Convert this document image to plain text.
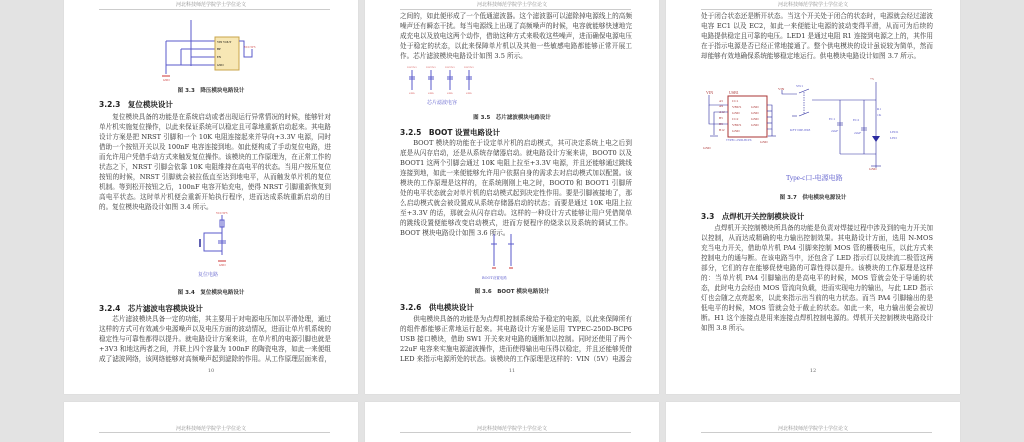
河北科技师范学院学士学位论文
VIN VOUT
BP
EN
GND
VCC3V3
GND
图 3.3　降压模块电路设计
3.2.3　复位模块设计

复位模块具备的功能是在系统启动或者出现运行异常情况的时候，能够针对单片机实施复位操作，以此来保证系统可以稳定且可靠地重新启动起来。其电路设计方案是把 NRST 引脚和一个 10K 电阻连接起来并导向+3.3V 电源，同时借助一个按钮开关以及 100nF 电容连接到地。如此便构成了手动复位电路，进而允许用户凭借手动方式来触发复位操作。该模块的工作原理为，在正常工作的状态之下，NRST 引脚会依靠 10K 电阻维持在高电平的状态。当用户按压复位按钮的时候，NRST 引脚就会被拉低直至达到地电平，从而触发单片机的复位机制。等到松开按钮之后，100nF 电容开始充电，使得 NRST 引脚重新恢复到高电平状态。这时单片机便会重新开始执行程序，进而达成系统重新启动的目的。复位模块电路设计如图 3.4 所示。

VCC3V3
GND
复位电路
图 3.4　复位模块电路设计
3.2.4　芯片滤波电容模块设计

芯片滤波模块具备一定的功能，其主要用于对电源电压加以平滑处理，通过这样的方式可有效减少电源噪声以及电压方面的波动情况，进而让单片机系统的稳定性与可靠性都得以提升。就电路设计方案来讲，在单片机的电源引脚也就是+3V3 和地这两者之间，并联上四个容量为 100nF 的陶瓷电容，如此一来便组成了滤波网络，该网络能够对高频噪声起到滤除的作用。从工作原理层面来看，

10
河北科技师范学院学士学位论文

之间的，如此便形成了一个低通滤波器。这个滤波器可以滤除掉电源线上的高频噪声还有瞬态干扰。每当电源线上出现了高频噪声的时候，电容就能够快速地完成充电以及放电这两个动作，借助这种方式来吸收这些噪声，进而确保电源电压处于稳定的状态，以此来保障单片机以及其他一些敏感电路都能够正常开展工作。芯片滤波模块电路设计如图 3.5 所示。

VCC3V3	VCC3V3	VCC3V3	VCC3V3
GND	GND	GND	GND
芯片滤波电容
图 3.5　芯片滤波模块电路设计
3.2.5　BOOT 设置电路设计

BOOT 模块的功能在于设定单片机的启动模式，其可决定系统上电之后到底是从闪存启动，还是从系统存储器启动。就电路设计方案来讲，BOOT0 以及 BOOT1 这两个引脚会通过 10K 电阻上拉至+3.3V 电源，并且还能够通过跳线连接到地，如此一来便能够允许用户依据自身的需求去对启动模式加以配置。该模块的工作原理是这样的，在系统刚刚上电之时，BOOT0 和 BOOT1 引脚所处的电平状态就会对单片机的启动模式起到决定性作用。要是引脚被接地了，那么启动模式就会被设置成从系统存储器启动的状态；而要是通过 10K 电阻上拉至+3.3V 的话，那就会从闪存启动。这样的一种设计方式能够让用户凭借简单的跳线设置便能够改变启动模式，进而方便程序的烧录以及系统的调试工作。BOOT 模块电路设计如图 3.6 所示。

BOOT设置电路
图 3.6　BOOT 模块电路设计
3.2.6　供电模块设计

供电模块具备的功能是为点焊机控制系统给予稳定的电源，以此来保障所有的组件都能够正常地运行起来。其电路设计方案是运用 TYPEC-250D-BCP6 USB 接口模块，借助 SW1 开关来对电路的通断加以控制。同时还使用了两个 22uF 电容来实施电源滤波操作，进而使得输出电压得以稳定，并且还能够凭借 LED 来指示电源所处的状态。该模块的工作原理是这样的：VIN（5V）电源会

11
河北科技师范学院学士学位论文

处于闭合状态还是断开状态。当这个开关处于闭合的状态时，电源就会经过滤波电容 EC1 以及 EC2，如此一来便能让电源的波动变得平滑，从而可为后续的电路提供稳定且可靠的电压。LED1 是通过电阻 R1 连接到电源之上的，其作用在于指示电源是否已经正常地接通了。整个供电模块的设计虽说较为简单，然而却能够有效地确保系统能够稳定地运行。供电模块电路设计如图 3.7 所示。

VIN	USB1
A5
A9
A12
B5
B9
B12
CC1
VBUS
GND
CC2
VBUS
GND
GND
GND
GND
GND
TYPEC-250D-BCP6
GND
GND
SW1
VIN
KFT DIP-8X8
EC1
22uF
EC2
22uF
R1
1K
LED1
LED
+5
GND
Type-c口-电源电路
图 3.7　供电模块电源设计
3.3　点焊机开关控制模块设计

点焊机开关控制模块所具备的功能是负责对焊接过程中涉及到的电力开关加以控制，从而达成精确的电力输出控制效果。其电路设计方面，选用 N-MOS 充当电力开关，借助单片机 PA4 引脚来控制 MOS 管的栅极电压，以此方式来控制电力的通与断。在该电路当中，还包含了 LED 指示灯以及续流二极管这两部分，它们的存在能够促使电路的可靠性得以提升。该模块的工作原理是这样的：当单片机 PA4 引脚输出的是高电平的时候，MOS 管就会处于导通的状态，此时电力会经由 MOS 管流向负载，进而实现电力的输出，与此 LED 指示灯也会随之点亮起来，以此来指示出当前的电力状态。而当 PA4 引脚输出的是低电平的时候，MOS 管就会处于截止的状态。如此一来，电力输出便会被切断。H1 这个连接点是用来连接点焊机控制电源的。焊机开关控制模块电路设计如图 3.8 所示。

12
河北科技师范学院学士学位论文	河北科技师范学院学士学位论文	河北科技师范学院学士学位论文
